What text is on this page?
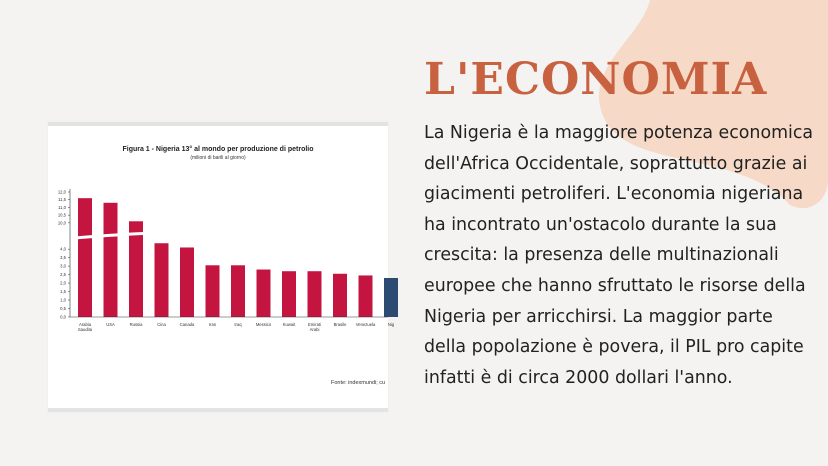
L'ECONOMIA

La Nigeria è la maggiore potenza economica dell'Africa Occidentale, soprattutto grazie ai giacimenti petroliferi. L'economia nigeriana ha incontrato un'ostacolo durante la sua crescita: la presenza delle multinazionali europee che hanno sfruttato le risorse della Nigeria per arricchirsi. La maggior parte della popolazione è povera, il PIL pro capite infatti è di circa 2000 dollari l'anno.

Figura 1 - Nigeria 13° al mondo per produzione di petrolio
(milioni di barili al giorno)
0,0
0,5
1,0
1,5
2,0
2,5
3,0
3,5
4,0
10,0
10,5
11,0
11,5
12,0
Arabia Saudita
USA	Russia	Cina	Canada	Iran	Iraq	Messico	Kuwait	Emirati Arabi
Brasile Venezuela	Nig
Fonte: indexmundi; cu
